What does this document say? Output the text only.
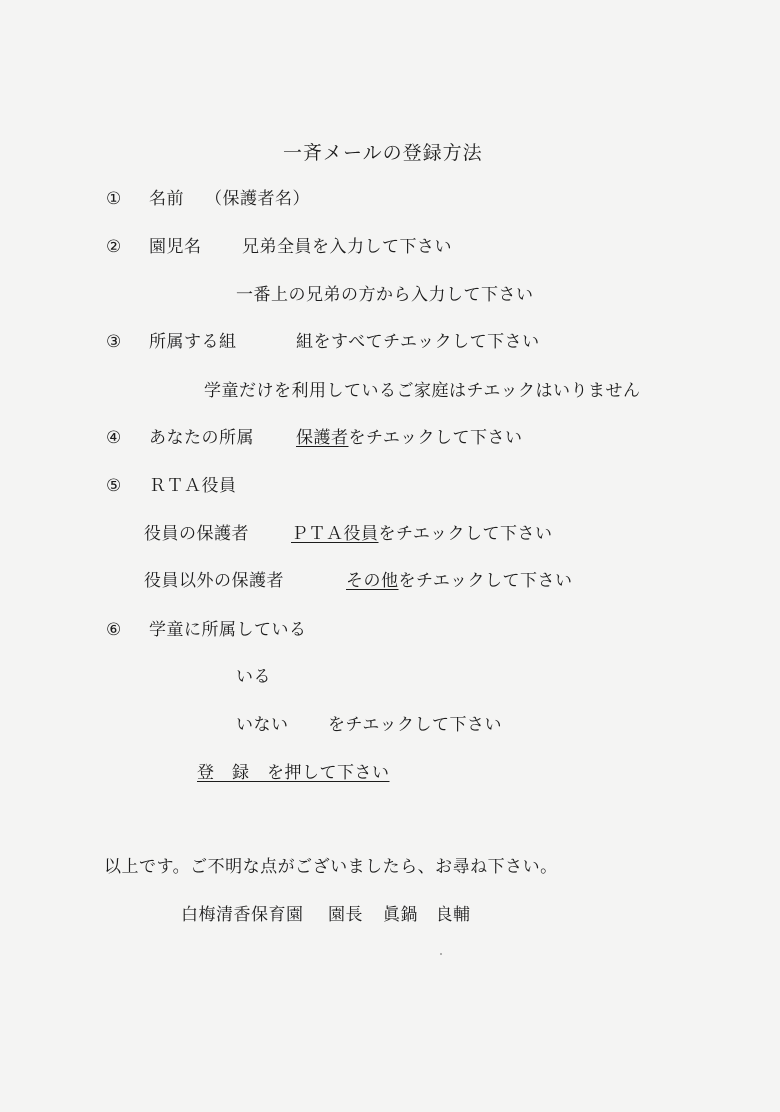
一斉メールの登録方法
① 名前 （保護者名）
② 園児名 兄弟全員を入力して下さい
一番上の兄弟の方から入力して下さい
③ 所属する組	組をすべてチエックして下さい
学童だけを利用しているご家庭はチエックはいりません
④ あなたの所属 保護者をチエックして下さい
⑤ ＲＴＡ役員
役員の保護者 ＰＴＡ役員をチエックして下さい
役員以外の保護者	その他をチエックして下さい
⑥ 学童に所属している
いる
いない をチエックして下さい
登　録　 を押して下さい
以上です。ご不明な点がございましたら、お尋ね下さい。
白梅清香保育園 園長 眞鍋　良輔
